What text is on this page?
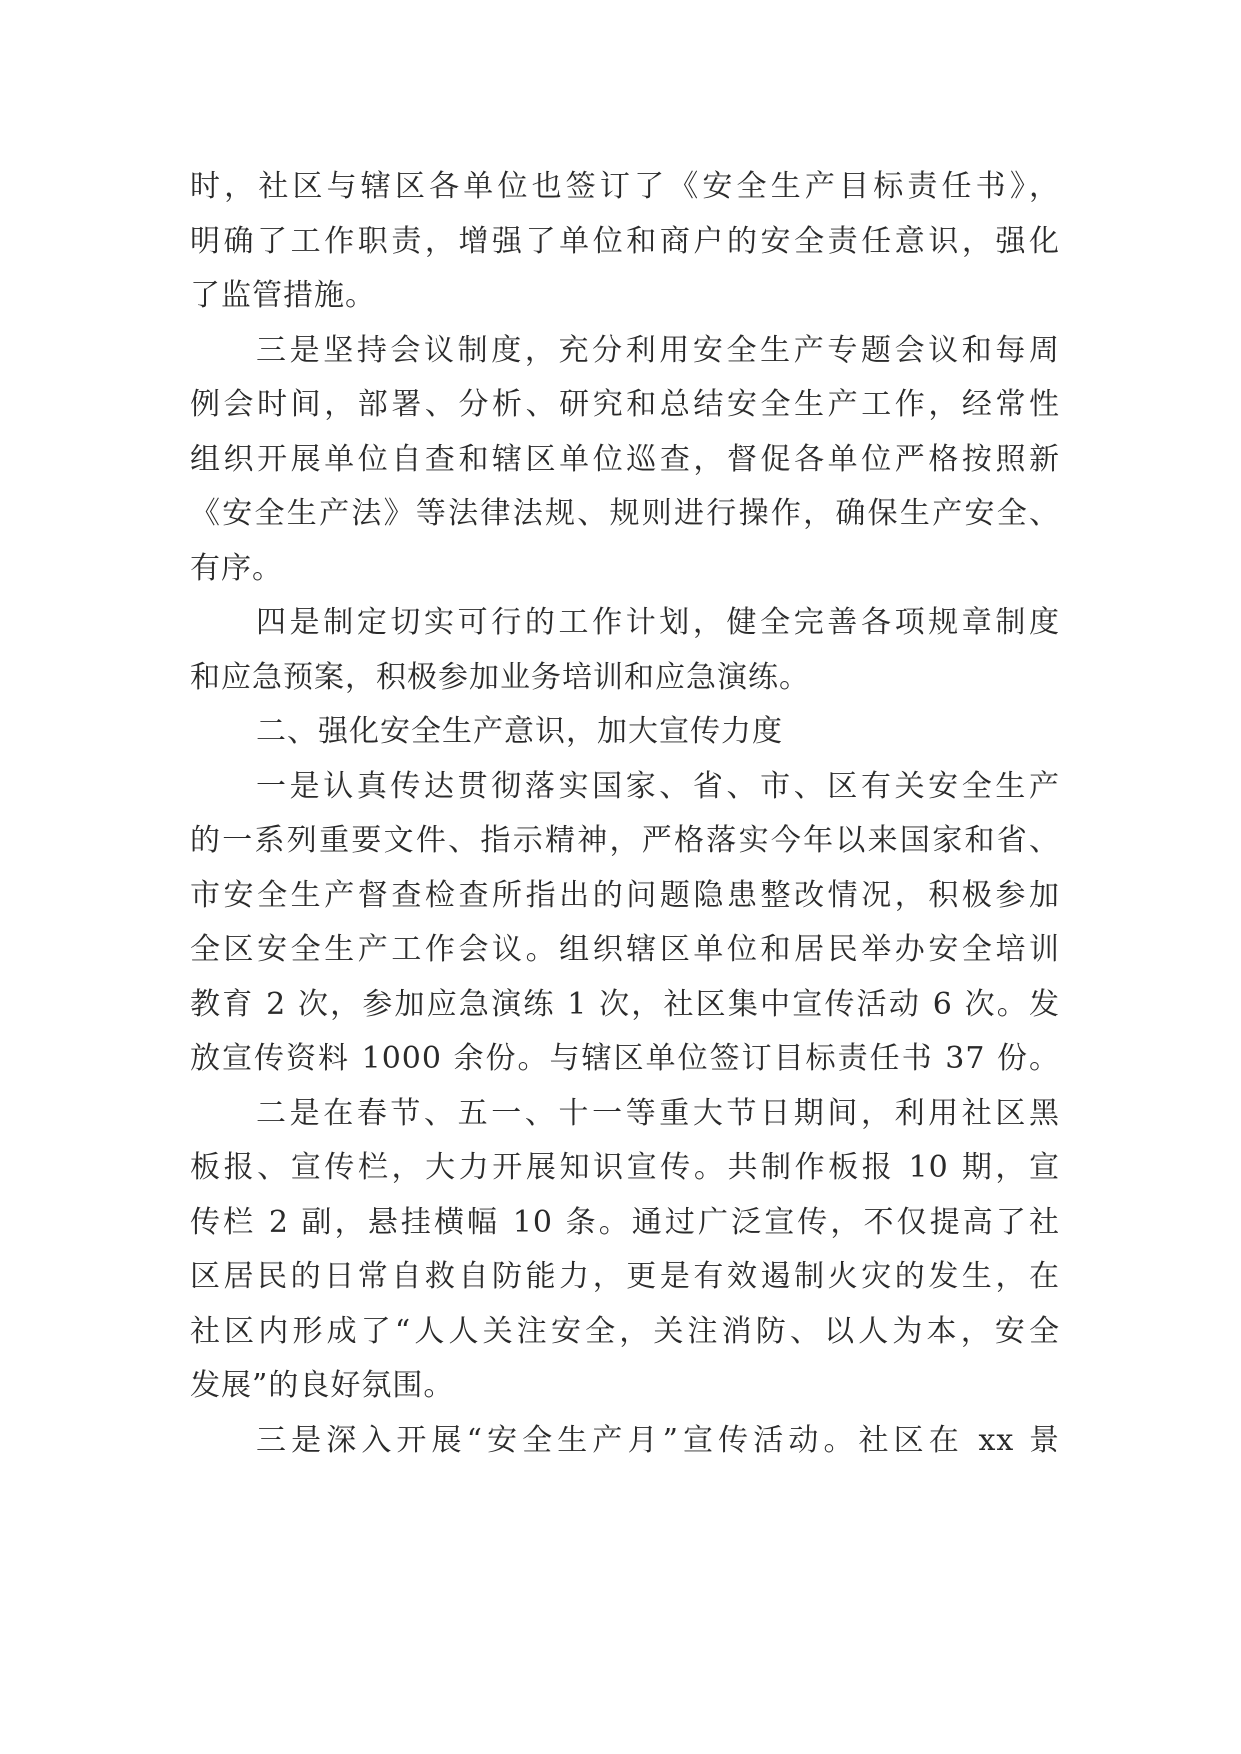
时，社区与辖区各单位也签订了《安全生产目标责任书》，
明确了工作职责，增强了单位和商户的安全责任意识，强化
了监管措施。
三是坚持会议制度，充分利用安全生产专题会议和每周
例会时间，部署、分析、研究和总结安全生产工作，经常性
组织开展单位自查和辖区单位巡查，督促各单位严格按照新
《安全生产法》等法律法规、规则进行操作，确保生产安全、
有序。
四是制定切实可行的工作计划，健全完善各项规章制度
和应急预案，积极参加业务培训和应急演练。
二、强化安全生产意识，加大宣传力度
一是认真传达贯彻落实国家、省、市、区有关安全生产
的一系列重要文件、指示精神，严格落实今年以来国家和省、
市安全生产督查检查所指出的问题隐患整改情况，积极参加
全区安全生产工作会议。组织辖区单位和居民举办安全培训
教育 2 次，参加应急演练 1 次，社区集中宣传活动 6 次。发
放宣传资料 1000 余份。与辖区单位签订目标责任书 37 份。
二是在春节、五一、十一等重大节日期间，利用社区黑
板报、宣传栏，大力开展知识宣传。共制作板报 10 期，宣
传栏 2 副，悬挂横幅 10 条。通过广泛宣传，不仅提高了社
区居民的日常自救自防能力，更是有效遏制火灾的发生，在
社区内形成了“人人关注安全，关注消防、以人为本，安全
发展”的良好氛围。
三是深入开展“安全生产月”宣传活动。社区在 xx 景
